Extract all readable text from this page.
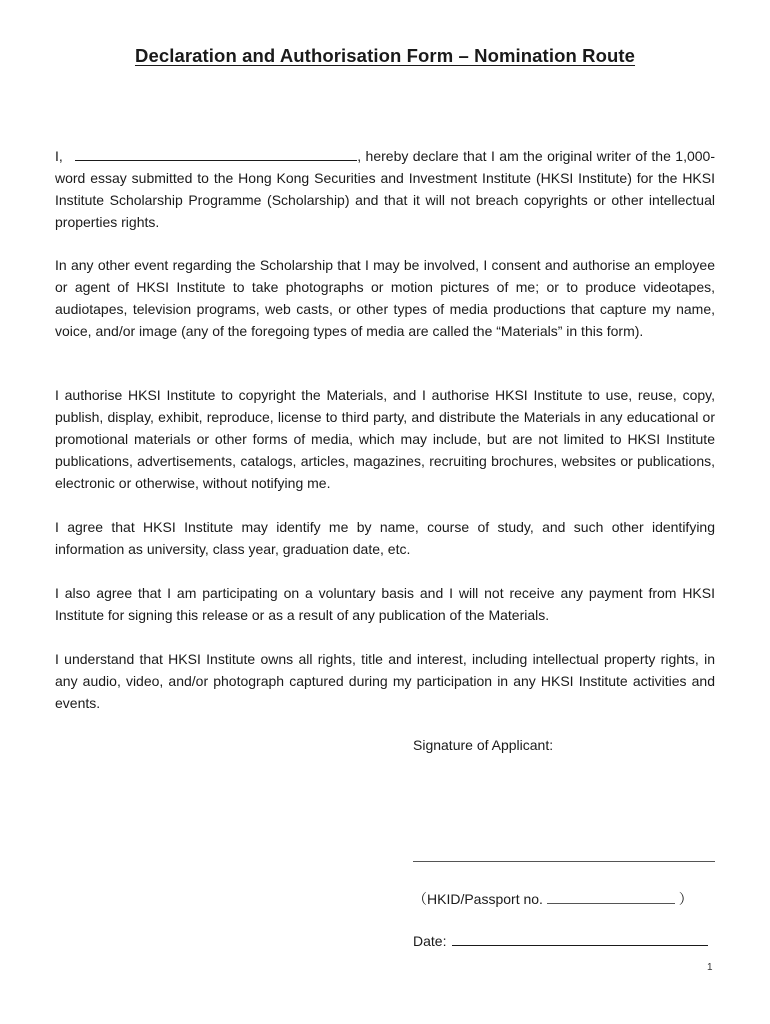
Declaration and Authorisation Form – Nomination Route

I,	, hereby declare that I am the original writer of the 1,000-word essay submitted to the Hong Kong Securities and Investment Institute (HKSI Institute) for the HKSI Institute Scholarship Programme (Scholarship) and that it will not breach copyrights or other intellectual properties rights.

In any other event regarding the Scholarship that I may be involved, I consent and authorise an employee or agent of HKSI Institute to take photographs or motion pictures of me; or to produce videotapes, audiotapes, television programs, web casts, or other types of media productions that capture my name, voice, and/or image (any of the foregoing types of media are called the “Materials” in this form).

I authorise HKSI Institute to copyright the Materials, and I authorise HKSI Institute to use, reuse, copy, publish, display, exhibit, reproduce, license to third party, and distribute the Materials in any educational or promotional materials or other forms of media, which may include, but are not limited to HKSI Institute publications, advertisements, catalogs, articles, magazines, recruiting brochures, websites or publications, electronic or otherwise, without notifying me.

I agree that HKSI Institute may identify me by name, course of study, and such other identifying information as university, class year, graduation date, etc.

I also agree that I am participating on a voluntary basis and I will not receive any payment from HKSI Institute for signing this release or as a result of any publication of the Materials.

I understand that HKSI Institute owns all rights, title and interest, including intellectual property rights, in any audio, video, and/or photograph captured during my participation in any HKSI Institute activities and events.

Signature of Applicant:
（HKID/Passport no.	）
Date:
1
